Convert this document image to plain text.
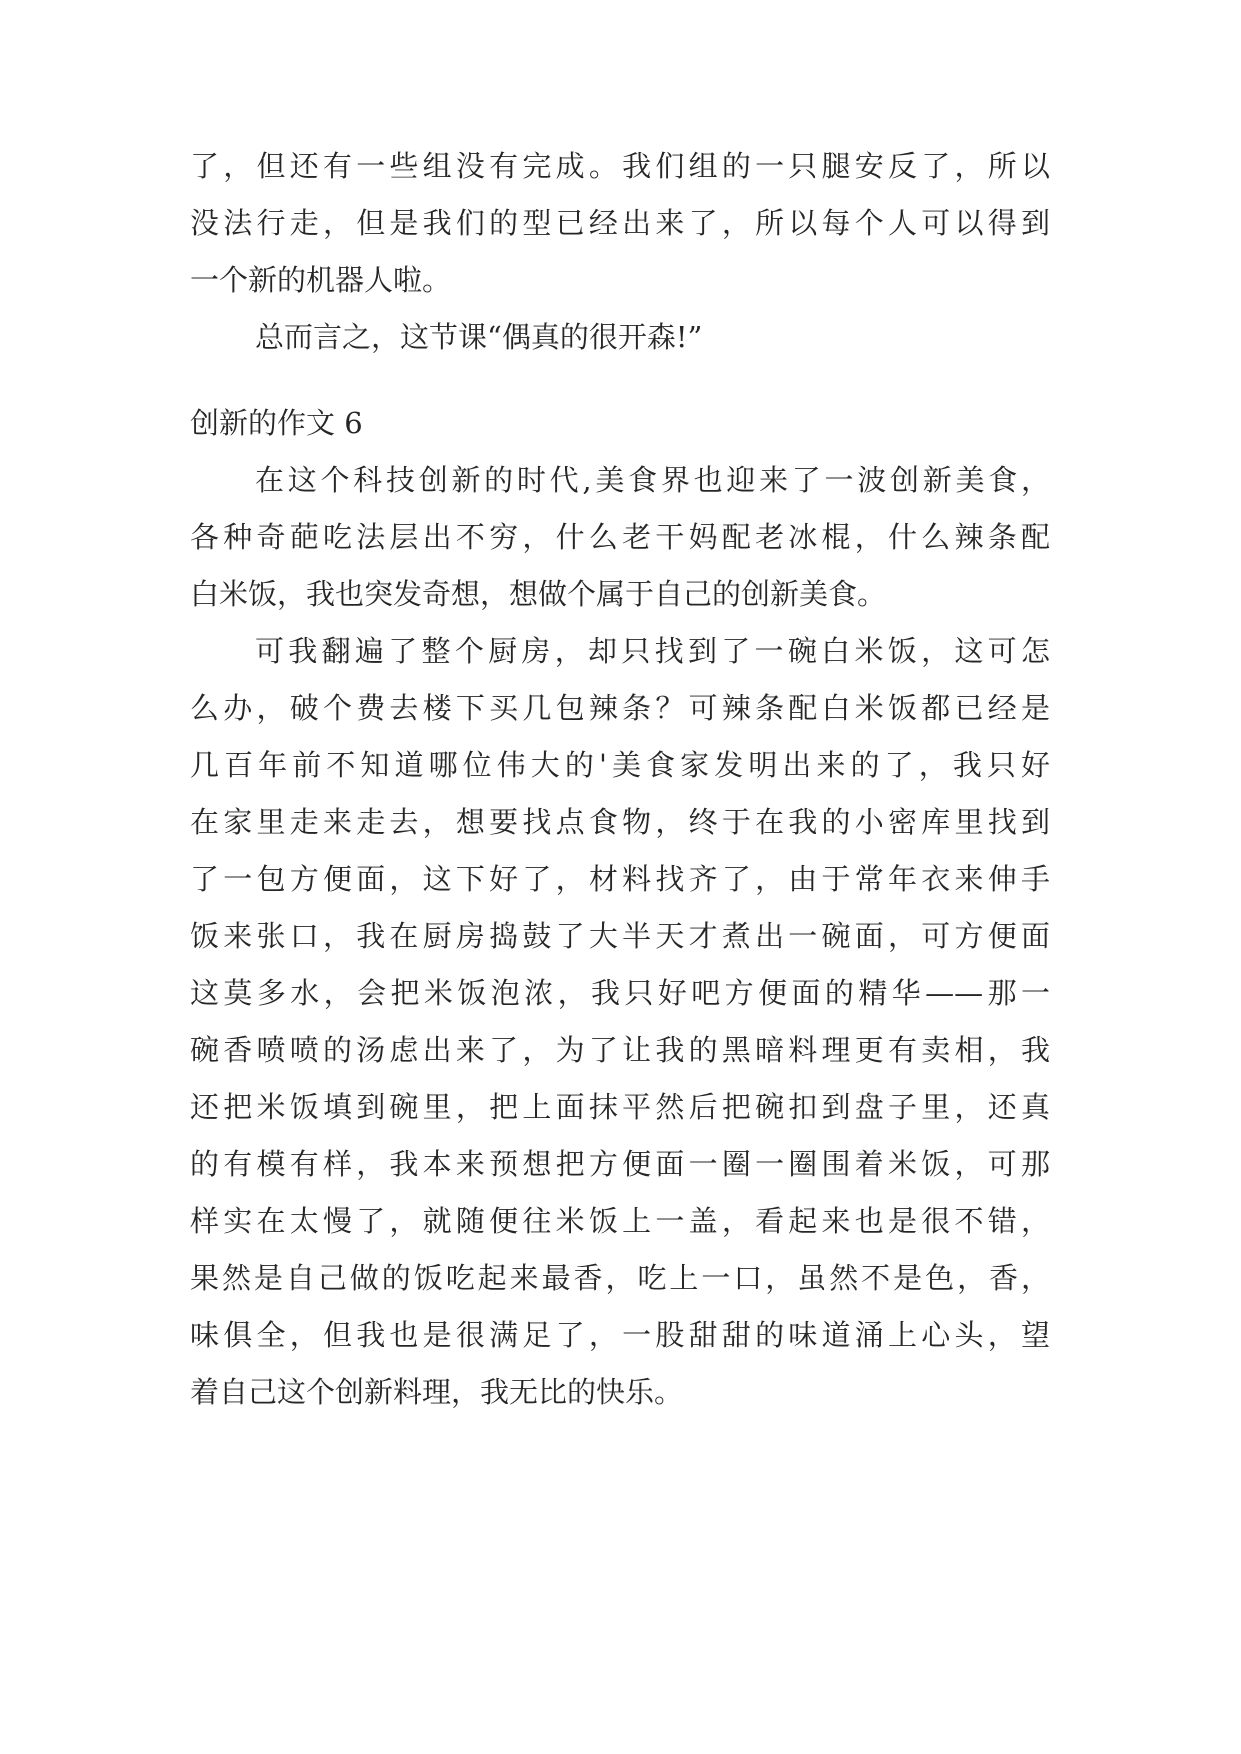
了，但还有一些组没有完成。我们组的一只腿安反了，所以
没法行走，但是我们的型已经出来了，所以每个人可以得到
一个新的机器人啦。
总而言之，这节课“偶真的很开森!”
创新的作文 6
在这个科技创新的时代,美食界也迎来了一波创新美食，
各种奇葩吃法层出不穷，什么老干妈配老冰棍，什么辣条配
白米饭，我也突发奇想，想做个属于自己的创新美食。
可我翻遍了整个厨房，却只找到了一碗白米饭，这可怎
么办，破个费去楼下买几包辣条？可辣条配白米饭都已经是
几百年前不知道哪位伟大的'美食家发明出来的了，我只好
在家里走来走去，想要找点食物，终于在我的小密库里找到
了一包方便面，这下好了，材料找齐了，由于常年衣来伸手
饭来张口，我在厨房捣鼓了大半天才煮出一碗面，可方便面
这莫多水，会把米饭泡浓，我只好吧方便面的精华——那一
碗香喷喷的汤虑出来了，为了让我的黑暗料理更有卖相，我
还把米饭填到碗里，把上面抹平然后把碗扣到盘子里，还真
的有模有样，我本来预想把方便面一圈一圈围着米饭，可那
样实在太慢了，就随便往米饭上一盖，看起来也是很不错，
果然是自己做的饭吃起来最香，吃上一口，虽然不是色，香，
味俱全，但我也是很满足了，一股甜甜的味道涌上心头，望
着自己这个创新料理，我无比的快乐。
